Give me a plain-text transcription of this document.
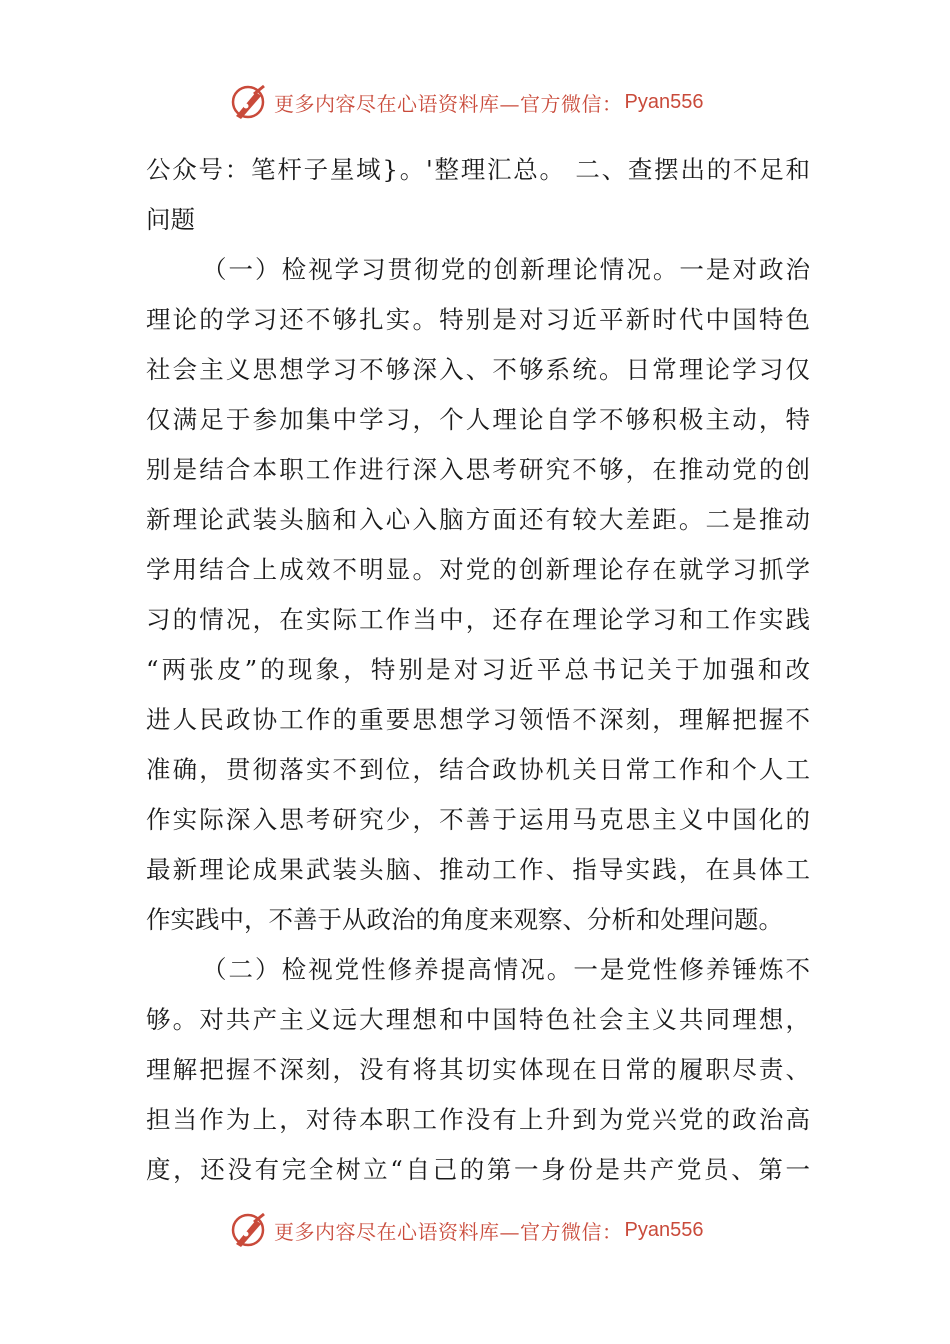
更多内容尽在心语资料库—官方微信： Pyan556
公众号：笔杆子星域}。'整理汇总。 二、查摆出的不足和
问题
（一）检视学习贯彻党的创新理论情况。一是对政治
理论的学习还不够扎实。特别是对习近平新时代中国特色
社会主义思想学习不够深入、不够系统。日常理论学习仅
仅满足于参加集中学习，个人理论自学不够积极主动，特
别是结合本职工作进行深入思考研究不够，在推动党的创
新理论武装头脑和入心入脑方面还有较大差距。二是推动
学用结合上成效不明显。对党的创新理论存在就学习抓学
习的情况，在实际工作当中，还存在理论学习和工作实践
“两张皮”的现象，特别是对习近平总书记关于加强和改
进人民政协工作的重要思想学习领悟不深刻，理解把握不
准确，贯彻落实不到位，结合政协机关日常工作和个人工
作实际深入思考研究少，不善于运用马克思主义中国化的
最新理论成果武装头脑、推动工作、指导实践，在具体工
作实践中，不善于从政治的角度来观察、分析和处理问题。
（二）检视党性修养提高情况。一是党性修养锤炼不
够。对共产主义远大理想和中国特色社会主义共同理想，
理解把握不深刻，没有将其切实体现在日常的履职尽责、
担当作为上，对待本职工作没有上升到为党兴党的政治高
度，还没有完全树立“自己的第一身份是共产党员、第一
更多内容尽在心语资料库—官方微信： Pyan556
